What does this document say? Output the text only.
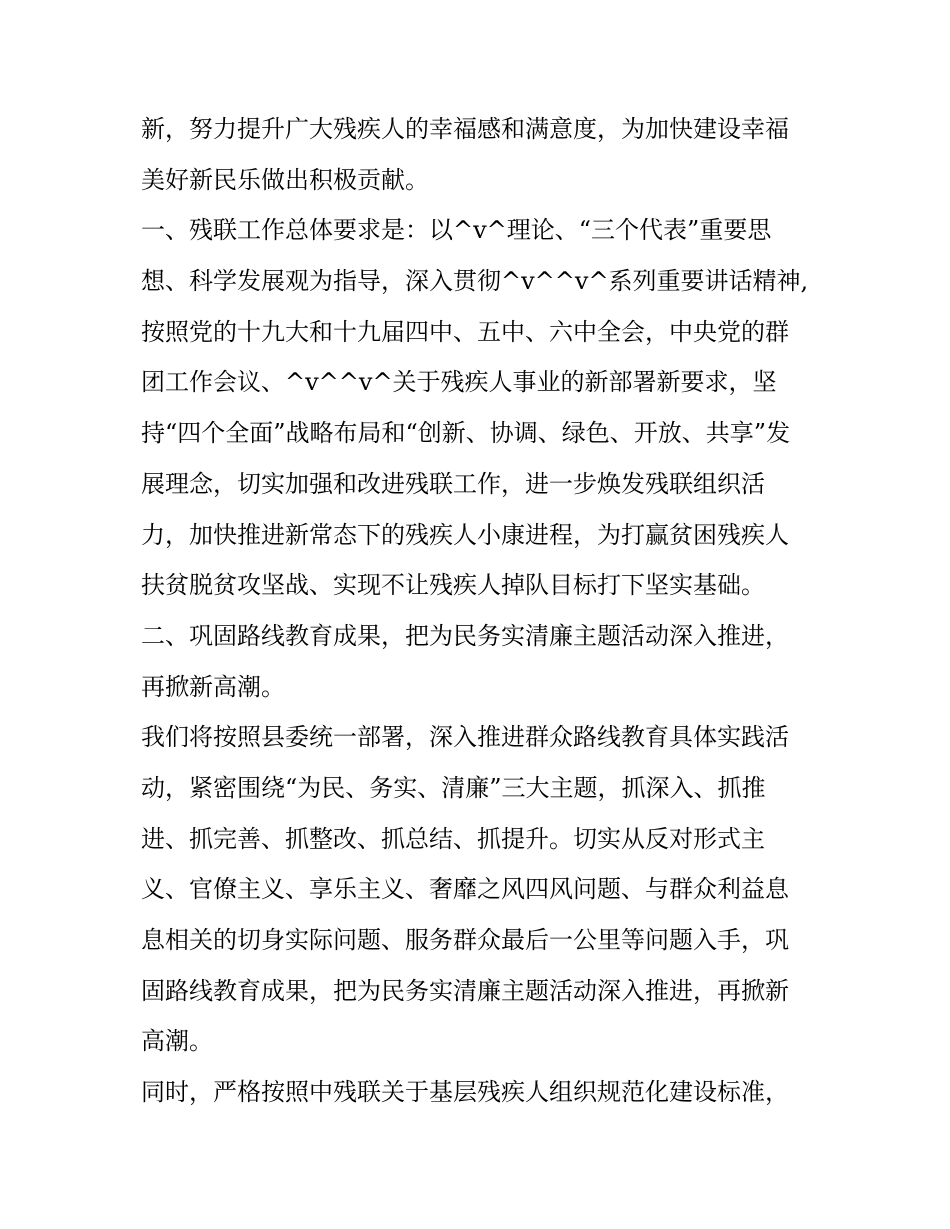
新，努力提升广大残疾人的幸福感和满意度，为加快建设幸福
美好新民乐做出积极贡献。
一、残联工作总体要求是：以^v^理论、“三个代表”重要思
想、科学发展观为指导，深入贯彻^v^^v^系列重要讲话精神,
按照党的十九大和十九届四中、五中、六中全会，中央党的群
团工作会议、^v^^v^关于残疾人事业的新部署新要求，坚
持“四个全面”战略布局和“创新、协调、绿色、开放、共享”发
展理念，切实加强和改进残联工作，进一步焕发残联组织活
力，加快推进新常态下的残疾人小康进程，为打赢贫困残疾人
扶贫脱贫攻坚战、实现不让残疾人掉队目标打下坚实基础。
二、巩固路线教育成果，把为民务实清廉主题活动深入推进，
再掀新高潮。
我们将按照县委统一部署，深入推进群众路线教育具体实践活
动，紧密围绕“为民、务实、清廉”三大主题，抓深入、抓推
进、抓完善、抓整改、抓总结、抓提升。切实从反对形式主
义、官僚主义、享乐主义、奢靡之风四风问题、与群众利益息
息相关的切身实际问题、服务群众最后一公里等问题入手，巩
固路线教育成果，把为民务实清廉主题活动深入推进，再掀新
高潮。
同时，严格按照中残联关于基层残疾人组织规范化建设标准，
